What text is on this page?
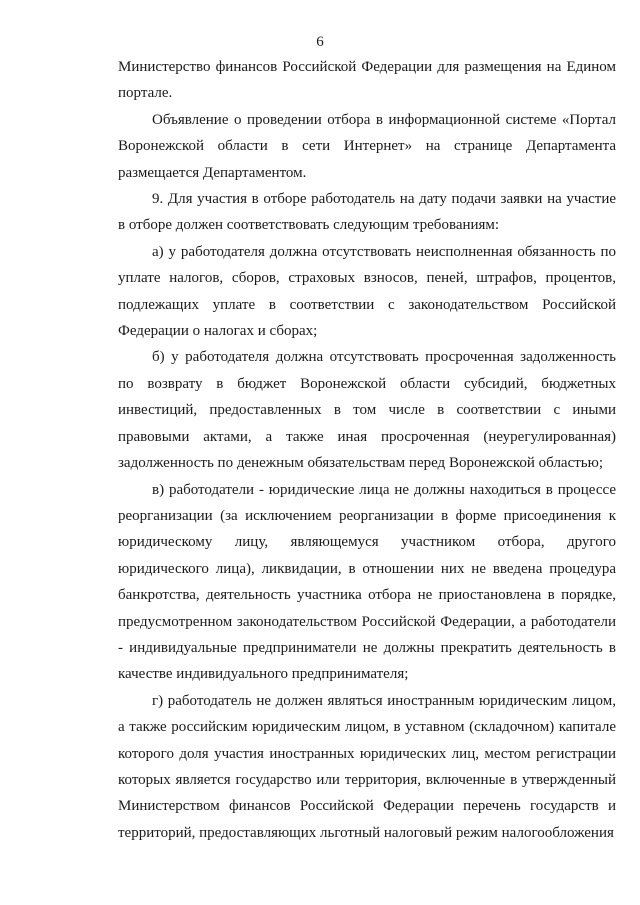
6

Министерство финансов Российской Федерации для размещения на Едином портале.

Объявление о проведении отбора в информационной системе «Портал Воронежской области в сети Интернет» на странице Департамента размещается Департаментом.

9. Для участия в отборе работодатель на дату подачи заявки на участие в отборе должен соответствовать следующим требованиям:

а) у работодателя должна отсутствовать неисполненная обязанность по уплате налогов, сборов, страховых взносов, пеней, штрафов, процентов, подлежащих уплате в соответствии с законодательством Российской Федерации о налогах и сборах;

б) у работодателя должна отсутствовать просроченная задолженность по возврату в бюджет Воронежской области субсидий, бюджетных инвестиций, предоставленных в том числе в соответствии с иными правовыми актами, а также иная просроченная (неурегулированная) задолженность по денежным обязательствам перед Воронежской областью;

в) работодатели - юридические лица не должны находиться в процессе реорганизации (за исключением реорганизации в форме присоединения к юридическому лицу, являющемуся участником отбора, другого юридического лица), ликвидации, в отношении них не введена процедура банкротства, деятельность участника отбора не приостановлена в порядке, предусмотренном законодательством Российской Федерации, а работодатели - индивидуальные предприниматели не должны прекратить деятельность в качестве индивидуального предпринимателя;

г) работодатель не должен являться иностранным юридическим лицом, а также российским юридическим лицом, в уставном (складочном) капитале которого доля участия иностранных юридических лиц, местом регистрации которых является государство или территория, включенные в утвержденный Министерством финансов Российской Федерации перечень государств и территорий, предоставляющих льготный налоговый режим налогообложения
